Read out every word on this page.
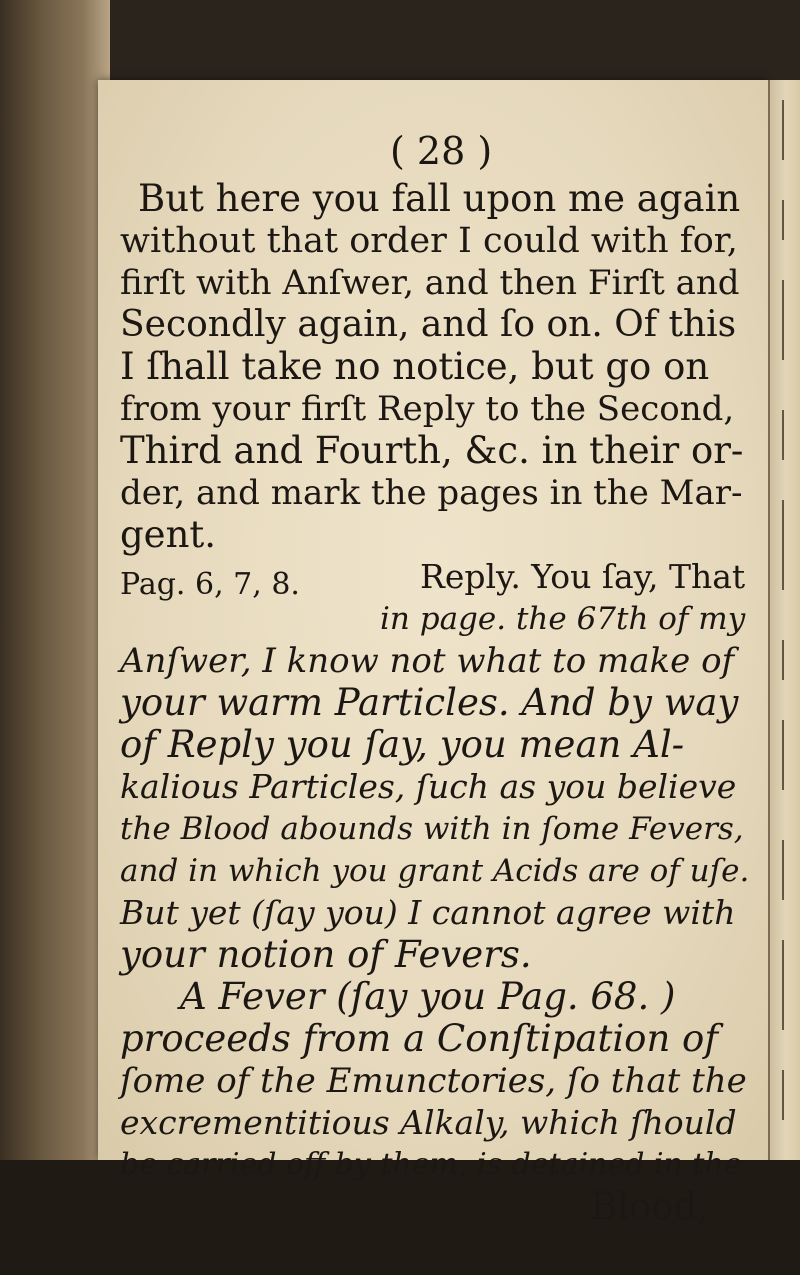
( 28 )
But here you fall upon me again
without that order I could with for,
firſt with Anſwer, and then Firſt and
Secondly again, and ſo on. Of this
I ſhall take no notice, but go on
from your firſt Reply to the Second,
Third and Fourth, &c. in their or-
der, and mark the pages in the Mar-
gent.
Pag. 6, 7, 8.	Reply. You ſay, That
in page. the 67th of my
Anſwer, I know not what to make of
your warm Particles. And by way
of Reply you ſay, you mean Al-
kalious Particles, ſuch as you believe
the Blood abounds with in ſome Fevers,
and in which you grant Acids are of uſe.
But yet (ſay you) I cannot agree with
your notion of Fevers.
A Fever (ſay you Pag. 68. )
proceeds from a Conſtipation of
ſome of the Emunctories, ſo that the
excrementitious Alkaly, which ſhould
be carried off by them, is detained in the
Blood,
